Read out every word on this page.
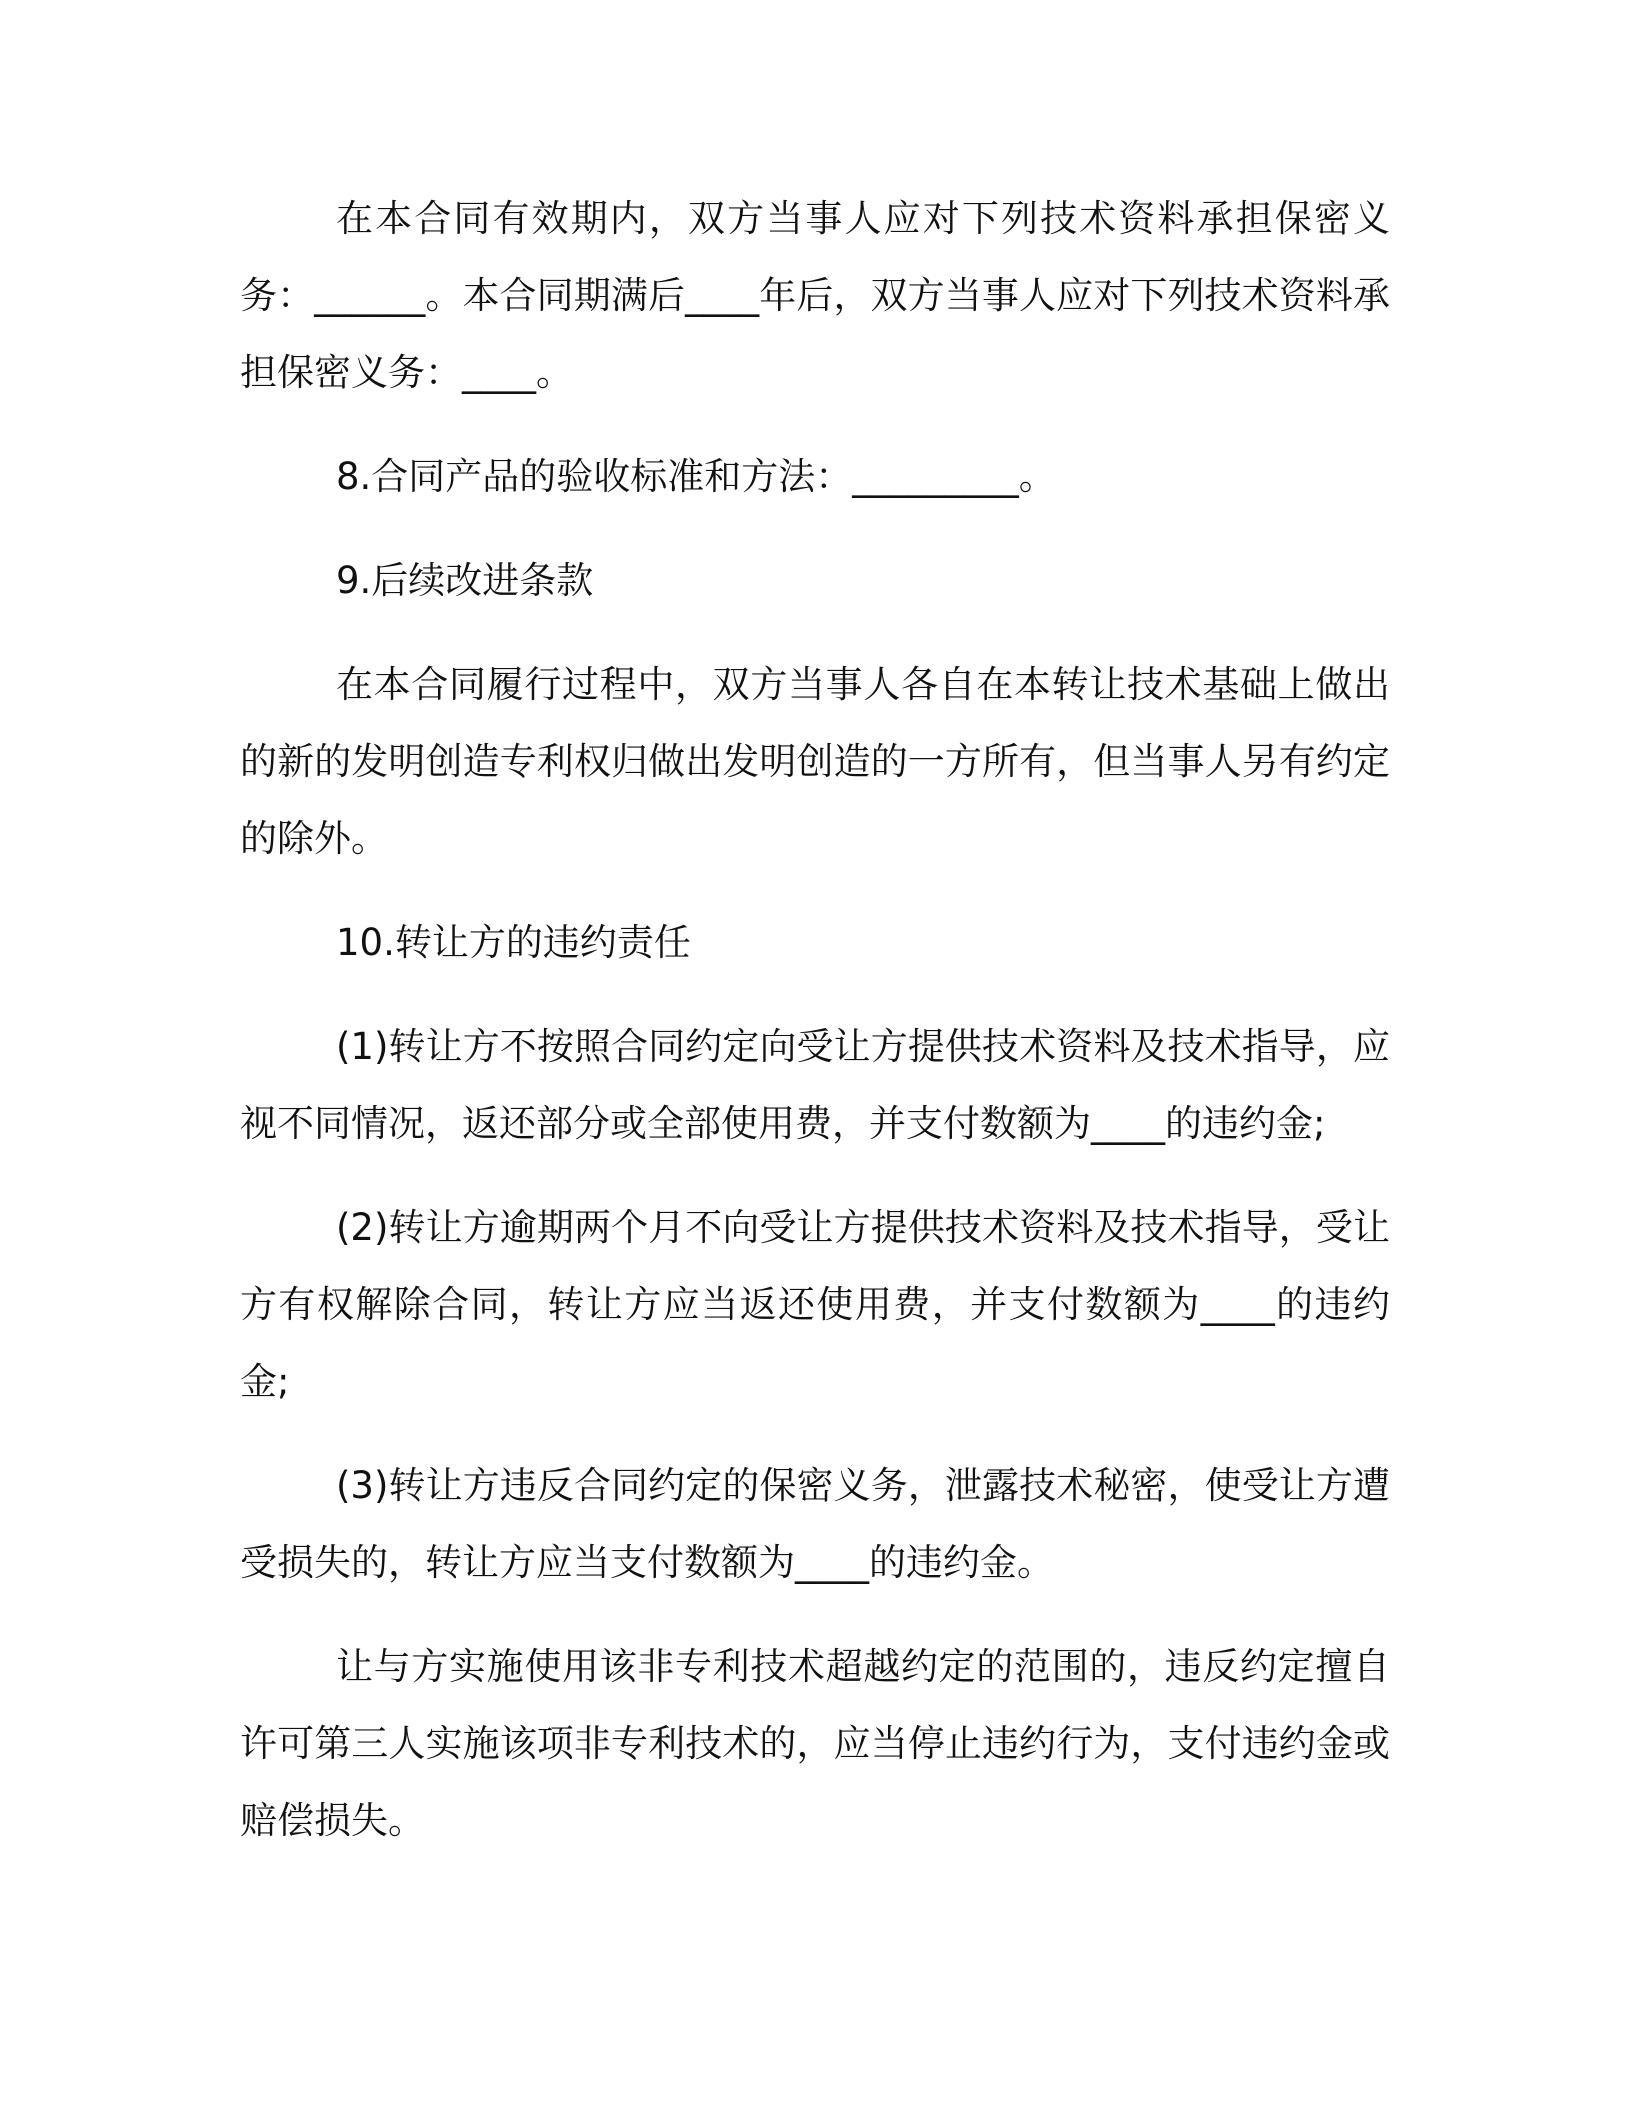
在本合同有效期内，双方当事人应对下列技术资料承担保密义务：______。本合同期满后____年后，双方当事人应对下列技术资料承担保密义务：____。

8.合同产品的验收标准和方法：_________。

9.后续改进条款

在本合同履行过程中，双方当事人各自在本转让技术基础上做出的新的发明创造专利权归做出发明创造的一方所有，但当事人另有约定的除外。

10.转让方的违约责任

(1)转让方不按照合同约定向受让方提供技术资料及技术指导，应视不同情况，返还部分或全部使用费，并支付数额为____的违约金;

(2)转让方逾期两个月不向受让方提供技术资料及技术指导，受让方有权解除合同，转让方应当返还使用费，并支付数额为____的违约金;

(3)转让方违反合同约定的保密义务，泄露技术秘密，使受让方遭受损失的，转让方应当支付数额为____的违约金。

让与方实施使用该非专利技术超越约定的范围的，违反约定擅自许可第三人实施该项非专利技术的，应当停止违约行为，支付违约金或赔偿损失。
